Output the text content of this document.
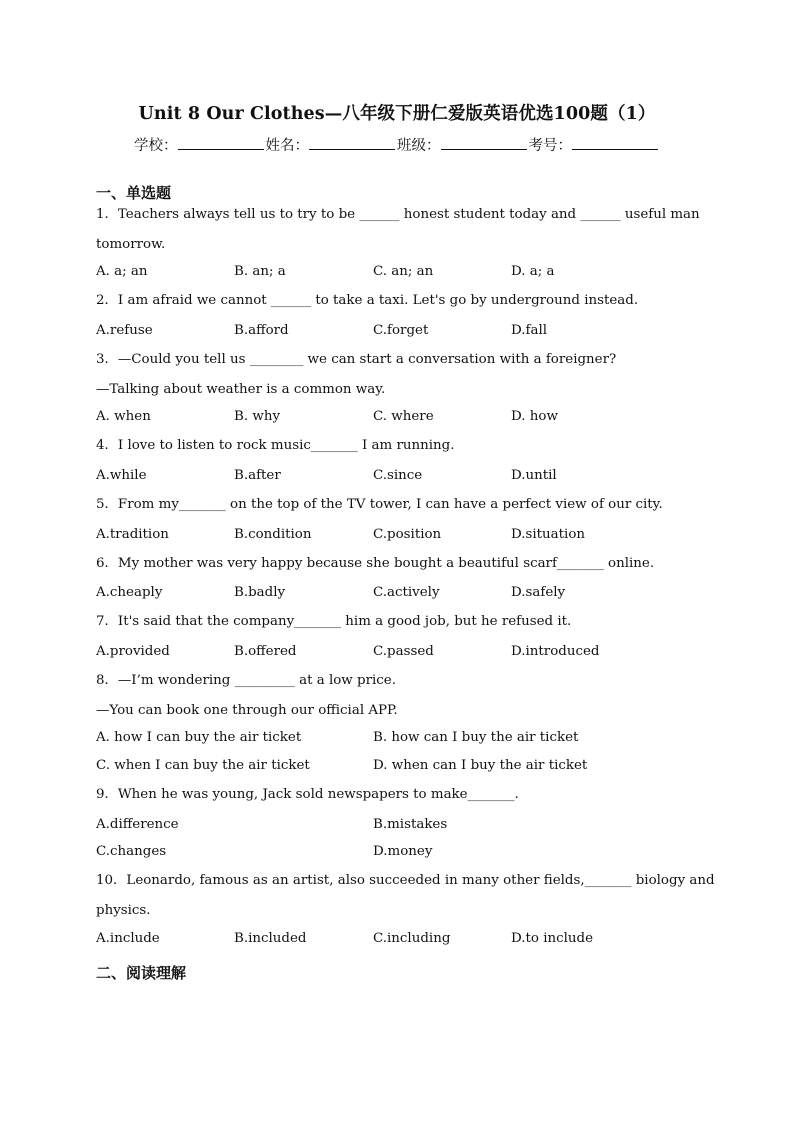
Unit 8 Our Clothes—八年级下册仁爱版英语优选100题（1）
学校：	姓名：	班级：	考号：
一、单选题
1．Teachers always tell us to try to be ______ honest student today and ______ useful man
tomorrow.
A. a; an	B. an; a	C. an; an	D. a; a
2．I am afraid we cannot ______ to take a taxi. Let's go by underground instead.
A.refuse	B.afford	C.forget	D.fall
3．—Could you tell us ________ we can start a conversation with a foreigner?
—Talking about weather is a common way.
A. when	B. why	C. where	D. how
4．I love to listen to rock music_______ I am running.
A.while	B.after	C.since	D.until
5．From my_______ on the top of the TV tower, I can have a perfect view of our city.
A.tradition	B.condition	C.position	D.situation
6．My mother was very happy because she bought a beautiful scarf_______ online.
A.cheaply	B.badly	C.actively	D.safely
7．It's said that the company_______ him a good job, but he refused it.
A.provided	B.offered	C.passed	D.introduced
8．—I’m wondering _________ at a low price.
—You can book one through our official APP.
A. how I can buy the air ticket	B. how can I buy the air ticket
C. when I can buy the air ticket	D. when can I buy the air ticket
9．When he was young, Jack sold newspapers to make_______.
A.difference	B.mistakes
C.changes	D.money
10．Leonardo, famous as an artist, also succeeded in many other fields,_______ biology and
physics.
A.include	B.included	C.including	D.to include
二、阅读理解
